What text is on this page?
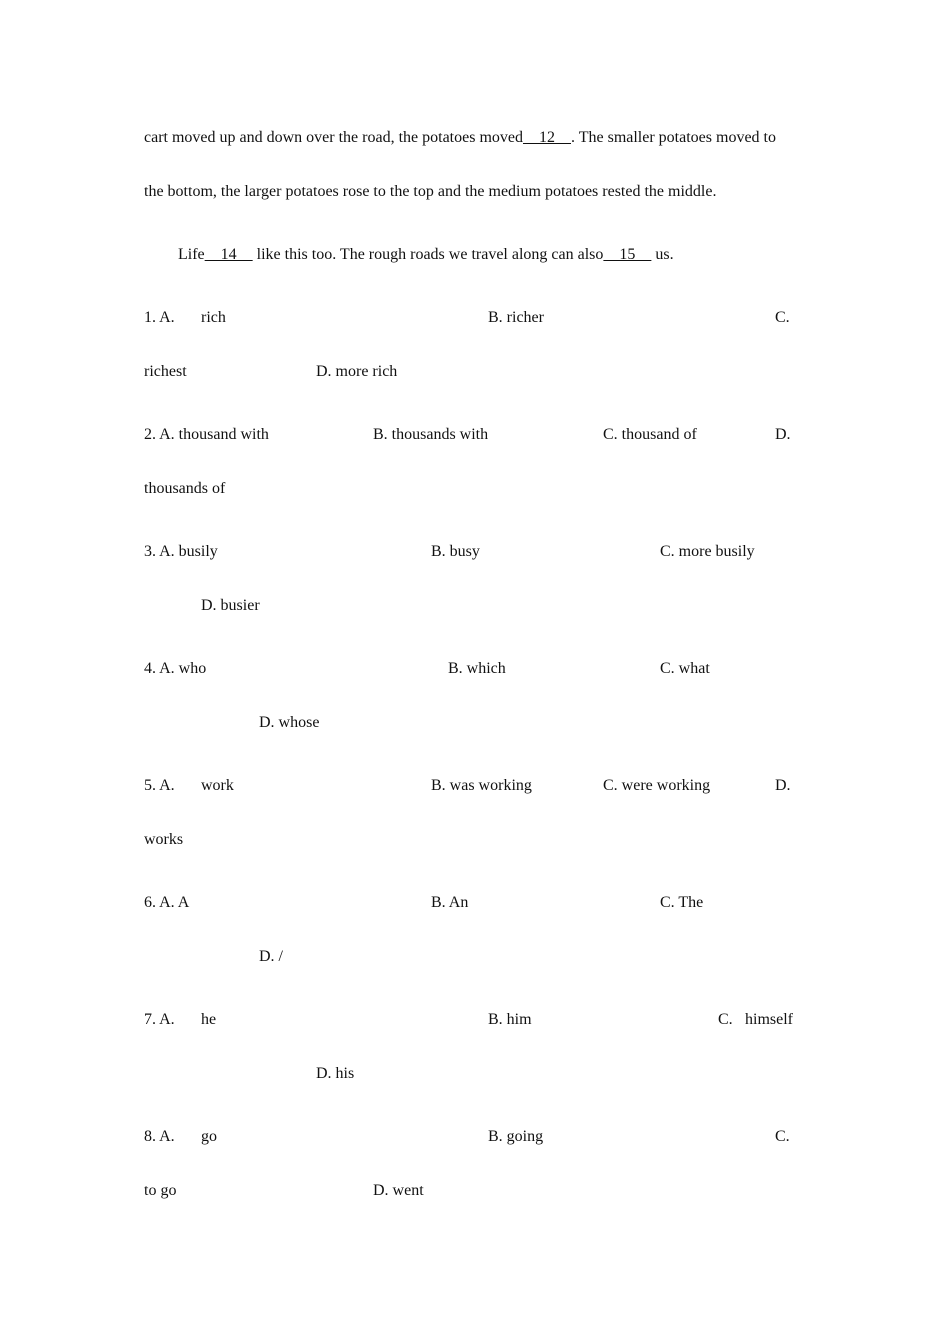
cart moved up and down over the road, the potatoes moved    12    . The smaller potatoes moved to
the bottom, the larger potatoes rose to the top and the medium potatoes rested the middle.
Life    14     like this too. The rough roads we travel along can also    15     us.
1. A. rich	B. richer	C.
richest	D. more rich
2. A. thousand with	B. thousands with	C. thousand of	D.
thousands of
3. A. busily	B. busy	C. more busily
D. busier
4. A. who	B. which	C. what
D. whose
5. A. work	B. was working	C. were working	D.
works
6. A. A	B. An	C. The
D. /
7. A. he	B. him	C. himself
D. his
8. A. go	B. going	C.
to go	D. went
